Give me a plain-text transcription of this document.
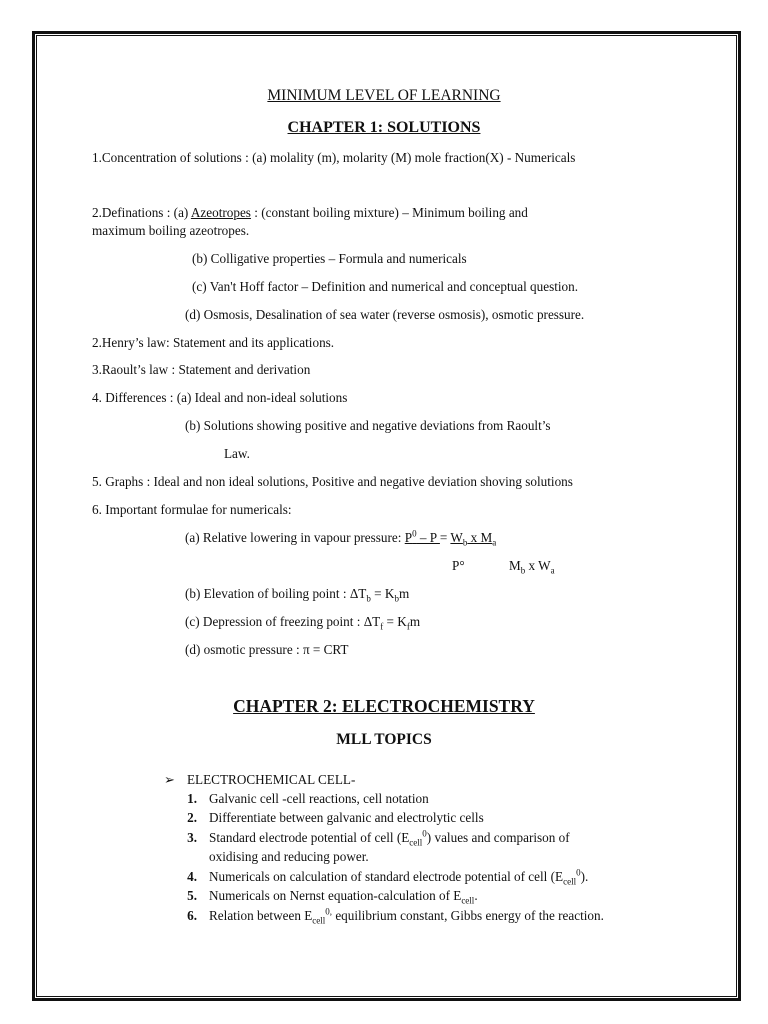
MINIMUM LEVEL OF LEARNING
CHAPTER 1: SOLUTIONS
1.Concentration of solutions : (a) molality (m), molarity (M) mole fraction(X) - Numericals
2.Definations : (a) Azeotropes : (constant boiling mixture) – Minimum boiling and
maximum boiling azeotropes.
(b) Colligative properties – Formula and numericals
(c) Van't Hoff factor – Definition and numerical and conceptual question.
(d) Osmosis, Desalination of sea water (reverse osmosis), osmotic pressure.
2.Henry’s law: Statement and its applications.
3.Raoult’s law : Statement and derivation
4. Differences : (a) Ideal and non-ideal solutions
(b) Solutions showing positive and negative deviations from Raoult’s
Law.
5. Graphs : Ideal and non ideal solutions, Positive and negative deviation shoving solutions
6. Important formulae for numericals:
(a) Relative lowering in vapour pressure: $P^0 - P = W_b$ x $M_a$
P°	$M_b$ x $W_a$
(b) Elevation of boiling point : $\Delta T_b = K_bm$
(c) Depression of freezing point : $\Delta T_f = K_fm$
(d) osmotic pressure : π = CRT
CHAPTER 2: ELECTROCHEMISTRY
MLL TOPICS
➢ ELECTROCHEMICAL CELL-
1. Galvanic cell -cell reactions, cell notation
2. Differentiate between galvanic and electrolytic cells
3. Standard electrode potential of cell $(E_{cell}^0)$ values and comparison of
oxidising and reducing power.
4. Numericals on calculation of standard electrode potential of cell $(E_{cell}^0)$.
5. Numericals on Nernst equation-calculation of $E_{cell}$.
6. Relation between $E_{cell}^{0,}$ equilibrium constant, Gibbs energy of the reaction.
